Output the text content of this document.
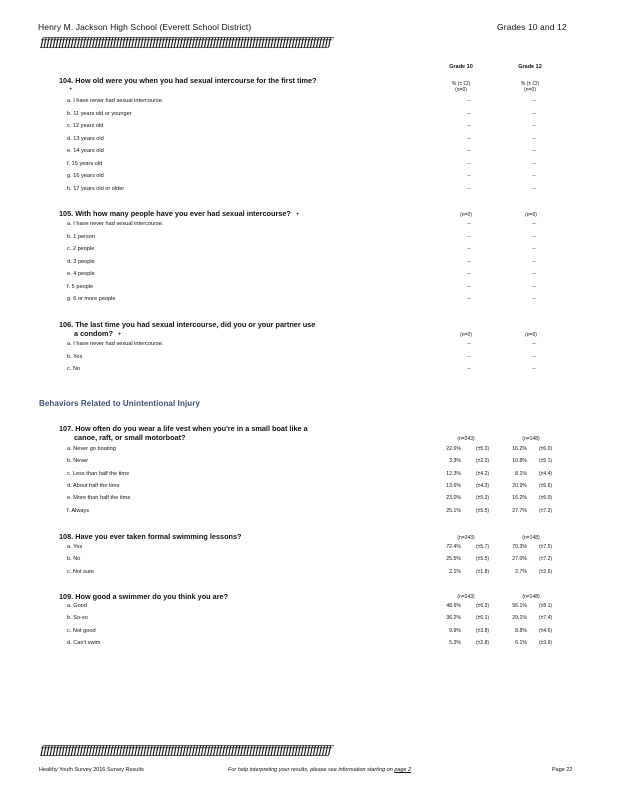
Henry M. Jackson High School (Everett School District)	Grades 10 and 12
ƒƒƒƒƒƒƒƒƒƒƒƒƒƒƒƒƒƒƒƒƒƒƒƒƒƒƒƒƒƒƒƒƒƒƒƒƒƒƒƒƒƒƒƒƒƒƒƒƒƒƒƒƒƒƒƒƒƒƒƒƒƒƒƒƒƒƒƒƒƒƒƒƒƒƒƒƒƒƒƒƒƒƒƒƒƒƒƒƒƒƒƒƒƒƒƒ
Grade 10	Grade 12
% (± CI)	% (± CI)
(n=0)	(n=0)
104. How old were you when you had sexual intercourse for the first time?
+
a. I have never had sexual intercourse.	--	--
b. 11 years old or younger	--	--
c. 12 years old	--	--
d. 13 years old	--	--
e. 14 years old	--	--
f. 15 years old	--	--
g. 16 years old	--	--
h. 17 years old or older	--	--
105. With how many people have you ever had sexual intercourse? +	(n=0)	(n=0)
a. I have never had sexual intercourse.	--	--
b. 1 person	--	--
c. 2 people	--	--
d. 3 people	--	--
e. 4 people	--	--
f. 5 people	--	--
g. 6 or more people	--	--
106. The last time you had sexual intercourse, did you or your partner use
a condom? +	(n=0)	(n=0)
a. I have never had sexual intercourse.	--	--
b. Yes	--	--
c. No	--	--
Behaviors Related to Unintentional Injury
107. How often do you wear a life vest when you're in a small boat like a
canoe, raft, or small motorboat?	(n=243)	(n=148)
a. Never go boating	22.6%	(±5.3)	16.2% (±6.0)
b. Never	3.3%	(±2.3)	10.8% (±5.1)
c. Less than half the time	12.3%	(±4.2)	8.1% (±4.4)
d. About half the time	13.6%	(±4.3)	20.9% (±6.6)
e. More than half the time	23.0%	(±5.3)	16.2% (±6.0)
f. Always	25.1%	(±5.5)	27.7% (±7.3)
108. Have you ever taken formal swimming lessons?	(n=243)	(n=148)
a. Yes	72.4%	(±5.7)	70.3% (±7.5)
b. No	25.5%	(±5.5)	27.0% (±7.2)
c. Not sure	2.1%	(±1.8)	2.7% (±2.6)
109. How good a swimmer do you think you are?	(n=243)	(n=148)
a. Good	48.6%	(±6.3)	56.1% (±8.1)
b. So-so	36.2%	(±6.1)	29.1% (±7.4)
c. Not good	9.9%	(±3.8)	8.8% (±4.6)
d. Can't swim	5.3%	(±2.8)	6.1% (±3.9)
ƒƒƒƒƒƒƒƒƒƒƒƒƒƒƒƒƒƒƒƒƒƒƒƒƒƒƒƒƒƒƒƒƒƒƒƒƒƒƒƒƒƒƒƒƒƒƒƒƒƒƒƒƒƒƒƒƒƒƒƒƒƒƒƒƒƒƒƒƒƒƒƒƒƒƒƒƒƒƒƒƒƒƒƒƒƒƒƒƒƒƒƒƒƒƒƒ
Healthy Youth Survey 2016 Survey Results	For help interpreting your results, please see information starting on page 2	Page 22
